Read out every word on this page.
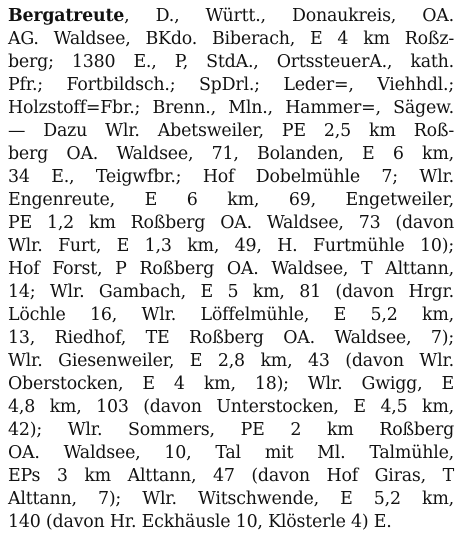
Bergatreute, D., Württ., Donaukreis, OA.
AG. Waldsee, BKdo. Biberach, E 4 km Roßz-
berg; 1380 E., P, StdA., OrtssteuerA., kath.
Pfr.; Fortbildsch.; SpDrl.; Leder=, Viehhdl.;
Holzstoff=Fbr.; Brenn., Mln., Hammer=, Sägew.
— Dazu Wlr. Abetsweiler, PE 2,5 km Roß-
berg OA. Waldsee, 71, Bolanden, E 6 km,
34 E., Teigwfbr.; Hof Dobelmühle 7; Wlr.
Engenreute, E 6 km, 69, Engetweiler,
PE 1,2 km Roßberg OA. Waldsee, 73 (davon
Wlr. Furt, E 1,3 km, 49, H. Furtmühle 10);
Hof Forst, P Roßberg OA. Waldsee, T Alttann,
14; Wlr. Gambach, E 5 km, 81 (davon Hrgr.
Löchle 16, Wlr. Löffelmühle, E 5,2 km,
13, Riedhof, TE Roßberg OA. Waldsee, 7);
Wlr. Giesenweiler, E 2,8 km, 43 (davon Wlr.
Oberstocken, E 4 km, 18); Wlr. Gwigg, E
4,8 km, 103 (davon Unterstocken, E 4,5 km,
42); Wlr. Sommers, PE 2 km Roßberg
OA. Waldsee, 10, Tal mit Ml. Talmühle,
EPs 3 km Alttann, 47 (davon Hof Giras, T
Alttann, 7); Wlr. Witschwende, E 5,2 km,
140 (davon Hr. Eckhäusle 10, Klösterle 4) E.
